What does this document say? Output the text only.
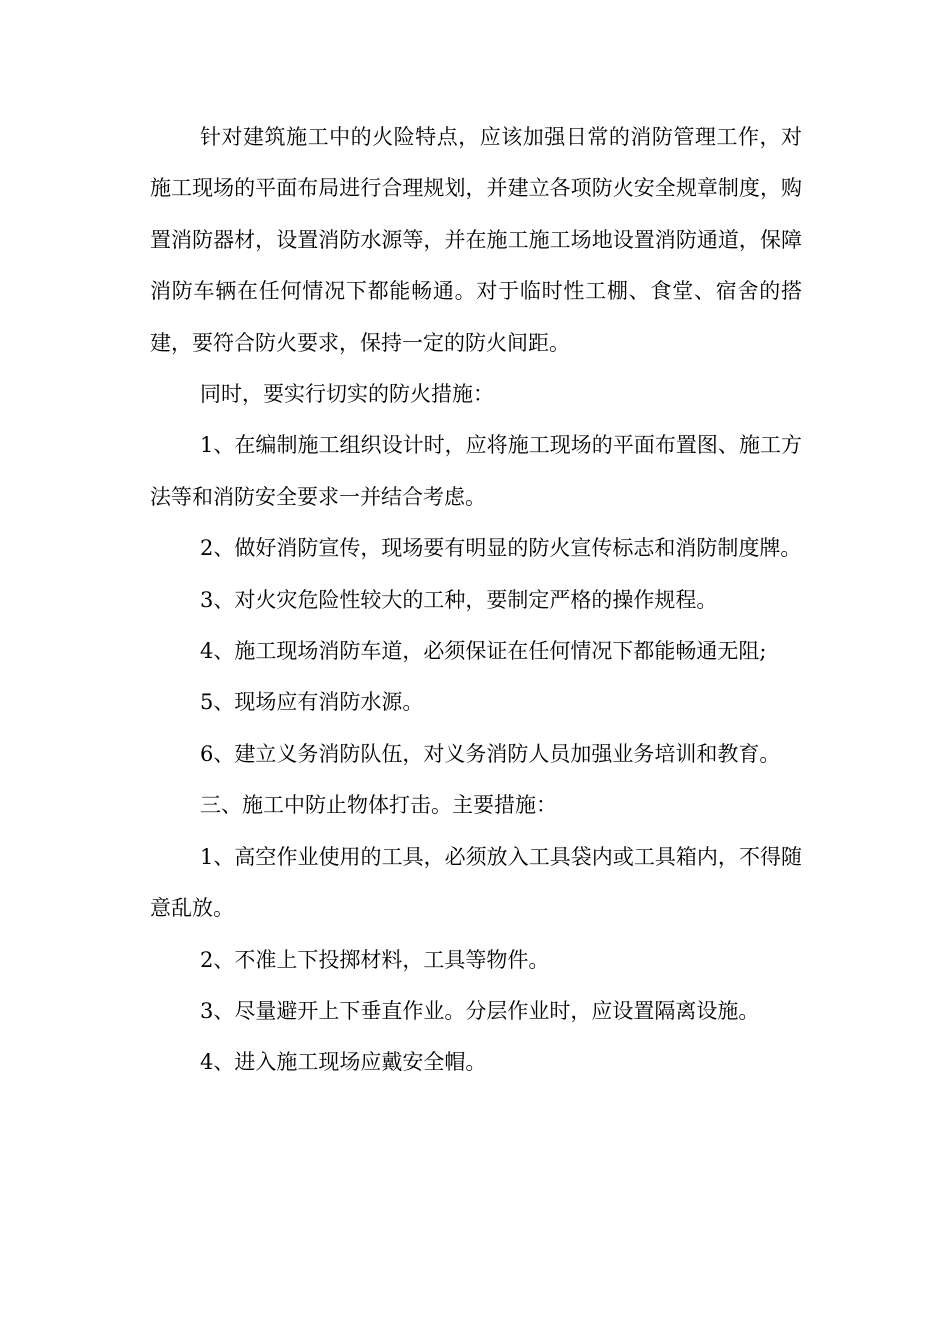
针对建筑施工中的火险特点，应该加强日常的消防管理工作，对施工现场的平面布局进行合理规划，并建立各项防火安全规章制度，购置消防器材，设置消防水源等，并在施工施工场地设置消防通道，保障消防车辆在任何情况下都能畅通。对于临时性工棚、食堂、宿舍的搭建，要符合防火要求，保持一定的防火间距。

同时，要实行切实的防火措施：

1、在编制施工组织设计时，应将施工现场的平面布置图、施工方法等和消防安全要求一并结合考虑。

2、做好消防宣传，现场要有明显的防火宣传标志和消防制度牌。

3、对火灾危险性较大的工种，要制定严格的操作规程。

4、施工现场消防车道，必须保证在任何情况下都能畅通无阻;

5、现场应有消防水源。

6、建立义务消防队伍，对义务消防人员加强业务培训和教育。

三、施工中防止物体打击。主要措施：

1、高空作业使用的工具，必须放入工具袋内或工具箱内，不得随意乱放。

2、不准上下投掷材料，工具等物件。

3、尽量避开上下垂直作业。分层作业时，应设置隔离设施。

4、进入施工现场应戴安全帽。
